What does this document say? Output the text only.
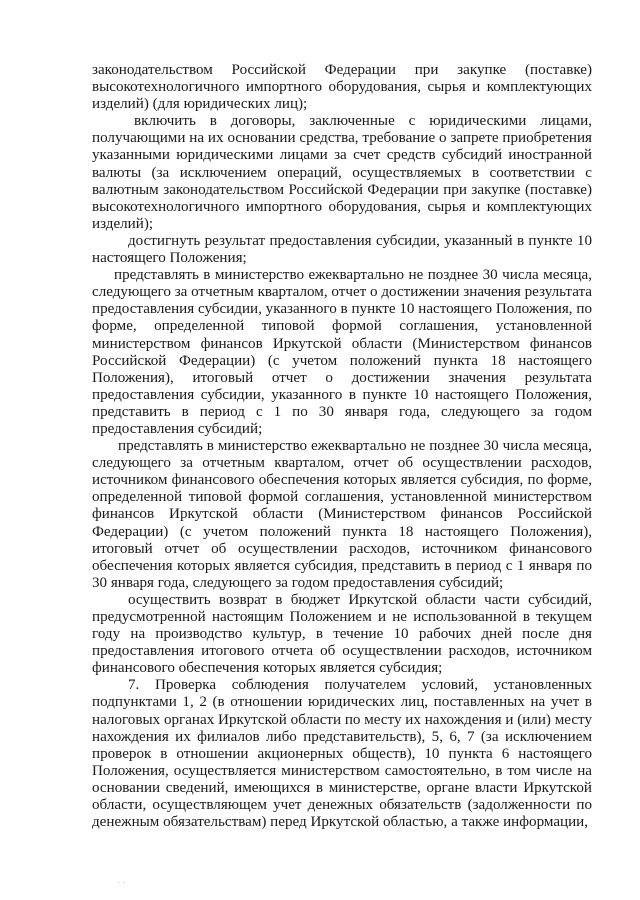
законодательством Российской Федерации при закупке (поставке) высокотехнологичного импортного оборудования, сырья и комплектующих изделий) (для юридических лиц);

включить в договоры, заключенные с юридическими лицами, получающими на их основании средства, требование о запрете приобретения указанными юридическими лицами за счет средств субсидий иностранной валюты (за исключением операций, осуществляемых в соответствии с валютным законодательством Российской Федерации при закупке (поставке) высокотехнологичного импортного оборудования, сырья и комплектующих изделий);

достигнуть результат предоставления субсидии, указанный в пункте 10 настоящего Положения;

представлять в министерство ежеквартально не позднее 30 числа месяца, следующего за отчетным кварталом, отчет о достижении значения результата предоставления субсидии, указанного в пункте 10 настоящего Положения, по форме, определенной типовой формой соглашения, установленной министерством финансов Иркутской области (Министерством финансов Российской Федерации) (с учетом положений пункта 18 настоящего Положения), итоговый отчет о достижении значения результата предоставления субсидии, указанного в пункте 10 настоящего Положения, представить в период с 1 по 30 января года, следующего за годом предоставления субсидий;

представлять в министерство ежеквартально не позднее 30 числа месяца, следующего за отчетным кварталом, отчет об осуществлении расходов, источником финансового обеспечения которых является субсидия, по форме, определенной типовой формой соглашения, установленной министерством финансов Иркутской области (Министерством финансов Российской Федерации) (с учетом положений пункта 18 настоящего Положения), итоговый отчет об осуществлении расходов, источником финансового обеспечения которых является субсидия, представить в период с 1 января по 30 января года, следующего за годом предоставления субсидий;

осуществить возврат в бюджет Иркутской области части субсидий, предусмотренной настоящим Положением и не использованной в текущем году на производство культур, в течение 10 рабочих дней после дня предоставления итогового отчета об осуществлении расходов, источником финансового обеспечения которых является субсидия;

7. Проверка соблюдения получателем условий, установленных подпунктами 1, 2 (в отношении юридических лиц, поставленных на учет в налоговых органах Иркутской области по месту их нахождения и (или) месту нахождения их филиалов либо представительств), 5, 6, 7 (за исключением проверок в отношении акционерных обществ), 10 пункта 6 настоящего Положения, осуществляется министерством самостоятельно, в том числе на основании сведений, имеющихся в министерстве, органе власти Иркутской области, осуществляющем учет денежных обязательств (задолженности по денежным обязательствам) перед Иркутской областью, а также информации,

·  ·
